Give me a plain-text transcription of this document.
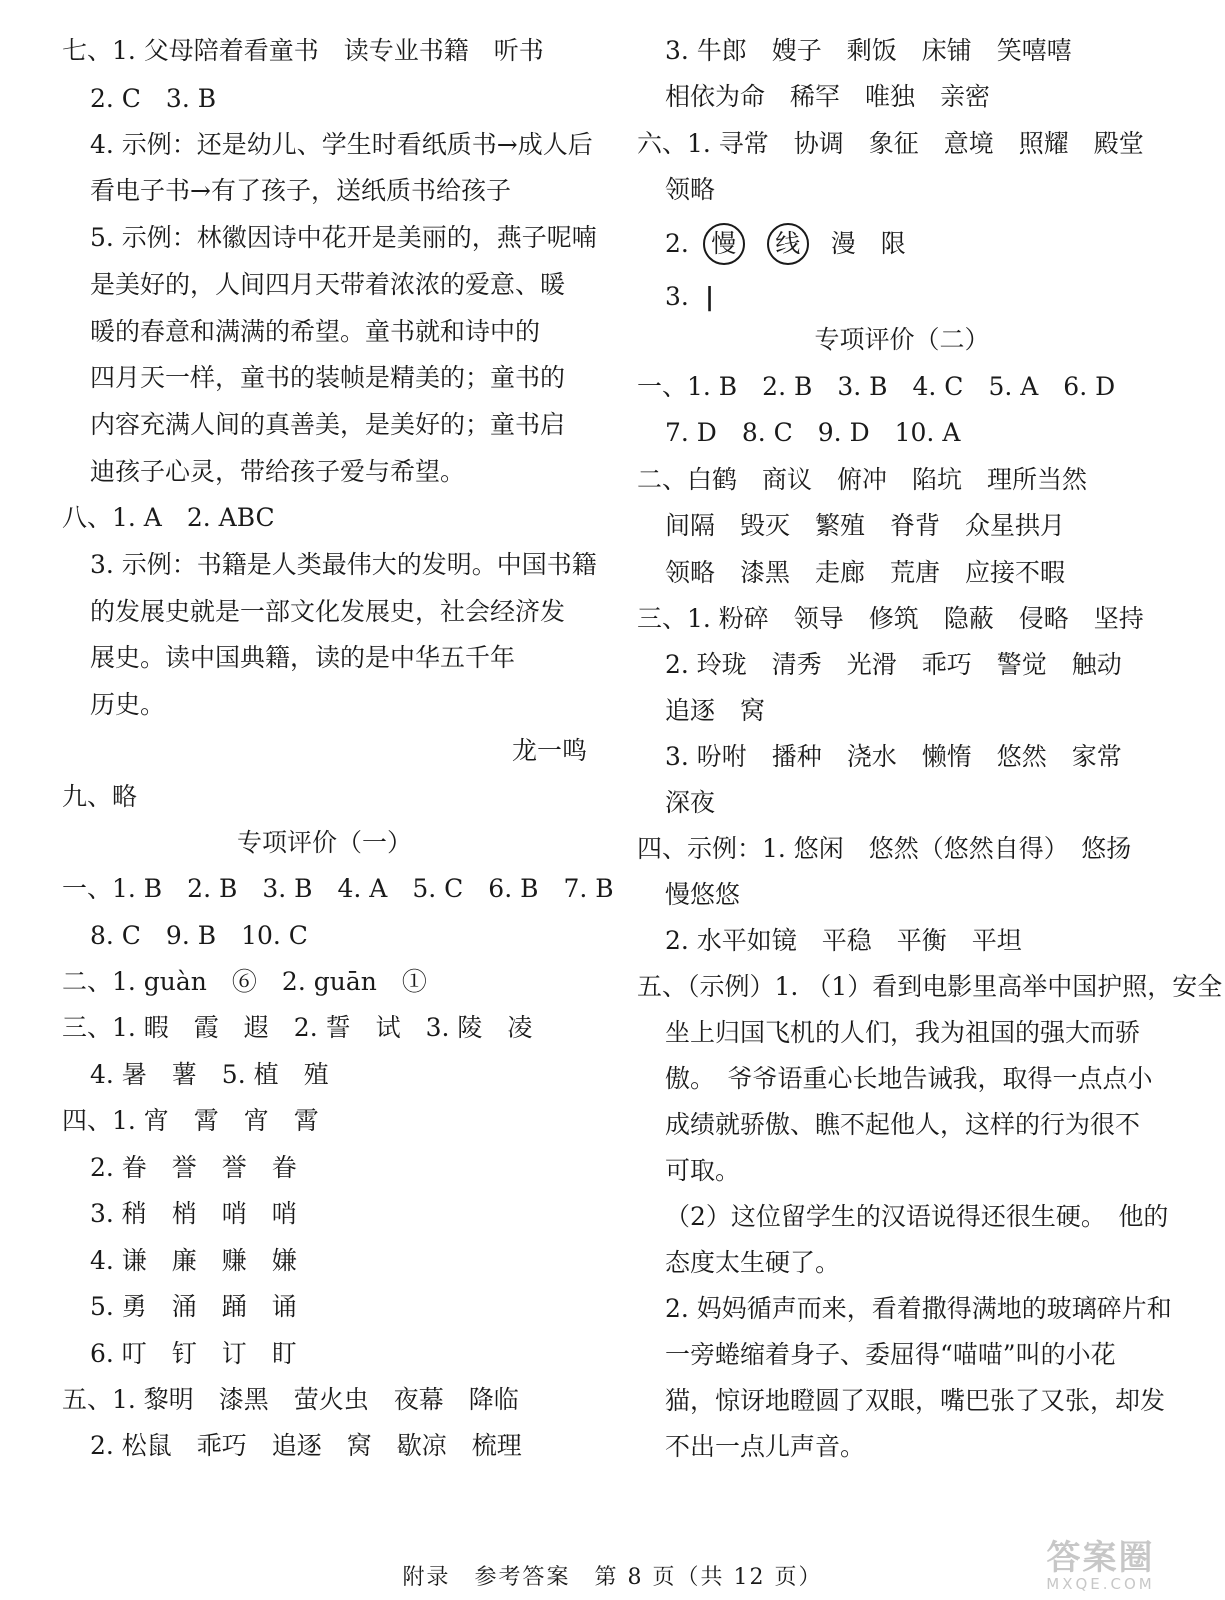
七、1. 父母陪着看童书　读专业书籍　听书
2. C　3. B
4. 示例：还是幼儿、学生时看纸质书→成人后
看电子书→有了孩子，送纸质书给孩子
5. 示例：林徽因诗中花开是美丽的，燕子呢喃
是美好的，人间四月天带着浓浓的爱意、暖
暖的春意和满满的希望。童书就和诗中的
四月天一样，童书的装帧是精美的；童书的
内容充满人间的真善美，是美好的；童书启
迪孩子心灵，带给孩子爱与希望。
八、1. A　2. ABC
3. 示例：书籍是人类最伟大的发明。中国书籍
的发展史就是一部文化发展史，社会经济发
展史。读中国典籍，读的是中华五千年
历史。
龙一鸣
九、略
专项评价（一）
一、1. B　2. B　3. B　4. A　5. C　6. B　7. B
8. C　9. B　10. C
二、1. guàn　⑥　2. guān　①
三、1. 暇　霞　遐　2. 誓　试　3. 陵　凌
4. 暑　薯　5. 植　殖
四、1. 宵　霄　宵　霄
2. 眷　誉　誉　眷
3. 稍　梢　哨　哨
4. 谦　廉　赚　嫌
5. 勇　涌　踊　诵
6. 叮　钉　订　盯
五、1. 黎明　漆黑　萤火虫　夜幕　降临
2. 松鼠　乖巧　追逐　窝　歇凉　梳理
2. 慢 线 漫　限
|
3. 牛郎　嫂子　剩饭　床铺　笑嘻嘻
相依为命　稀罕　唯独　亲密
六、1. 寻常　协调　象征　意境　照耀　殿堂
领略
3.
专项评价（二）
一、1. B　2. B　3. B　4. C　5. A　6. D
7. D　8. C　9. D　10. A
二、白鹤　商议　俯冲　陷坑　理所当然
间隔　毁灭　繁殖　脊背　众星拱月
领略　漆黑　走廊　荒唐　应接不暇
三、1. 粉碎　领导　修筑　隐蔽　侵略　坚持
2. 玲珑　清秀　光滑　乖巧　警觉　触动
追逐　窝
3. 吩咐　播种　浇水　懒惰　悠然　家常
深夜
四、示例：1. 悠闲　悠然（悠然自得）　悠扬
慢悠悠
2. 水平如镜　平稳　平衡　平坦
五、（示例）1. （1）看到电影里高举中国护照，安全
坐上归国飞机的人们，我为祖国的强大而骄
傲。　爷爷语重心长地告诫我，取得一点点小
成绩就骄傲、瞧不起他人，这样的行为很不
可取。
（2）这位留学生的汉语说得还很生硬。　他的
态度太生硬了。
2. 妈妈循声而来，看着撒得满地的玻璃碎片和
一旁蜷缩着身子、委屈得“喵喵”叫的小花
猫，惊讶地瞪圆了双眼，嘴巴张了又张，却发
不出一点儿声音。
附录　参考答案　第 8 页（共 12 页）	答案圈
MXQE.COM
